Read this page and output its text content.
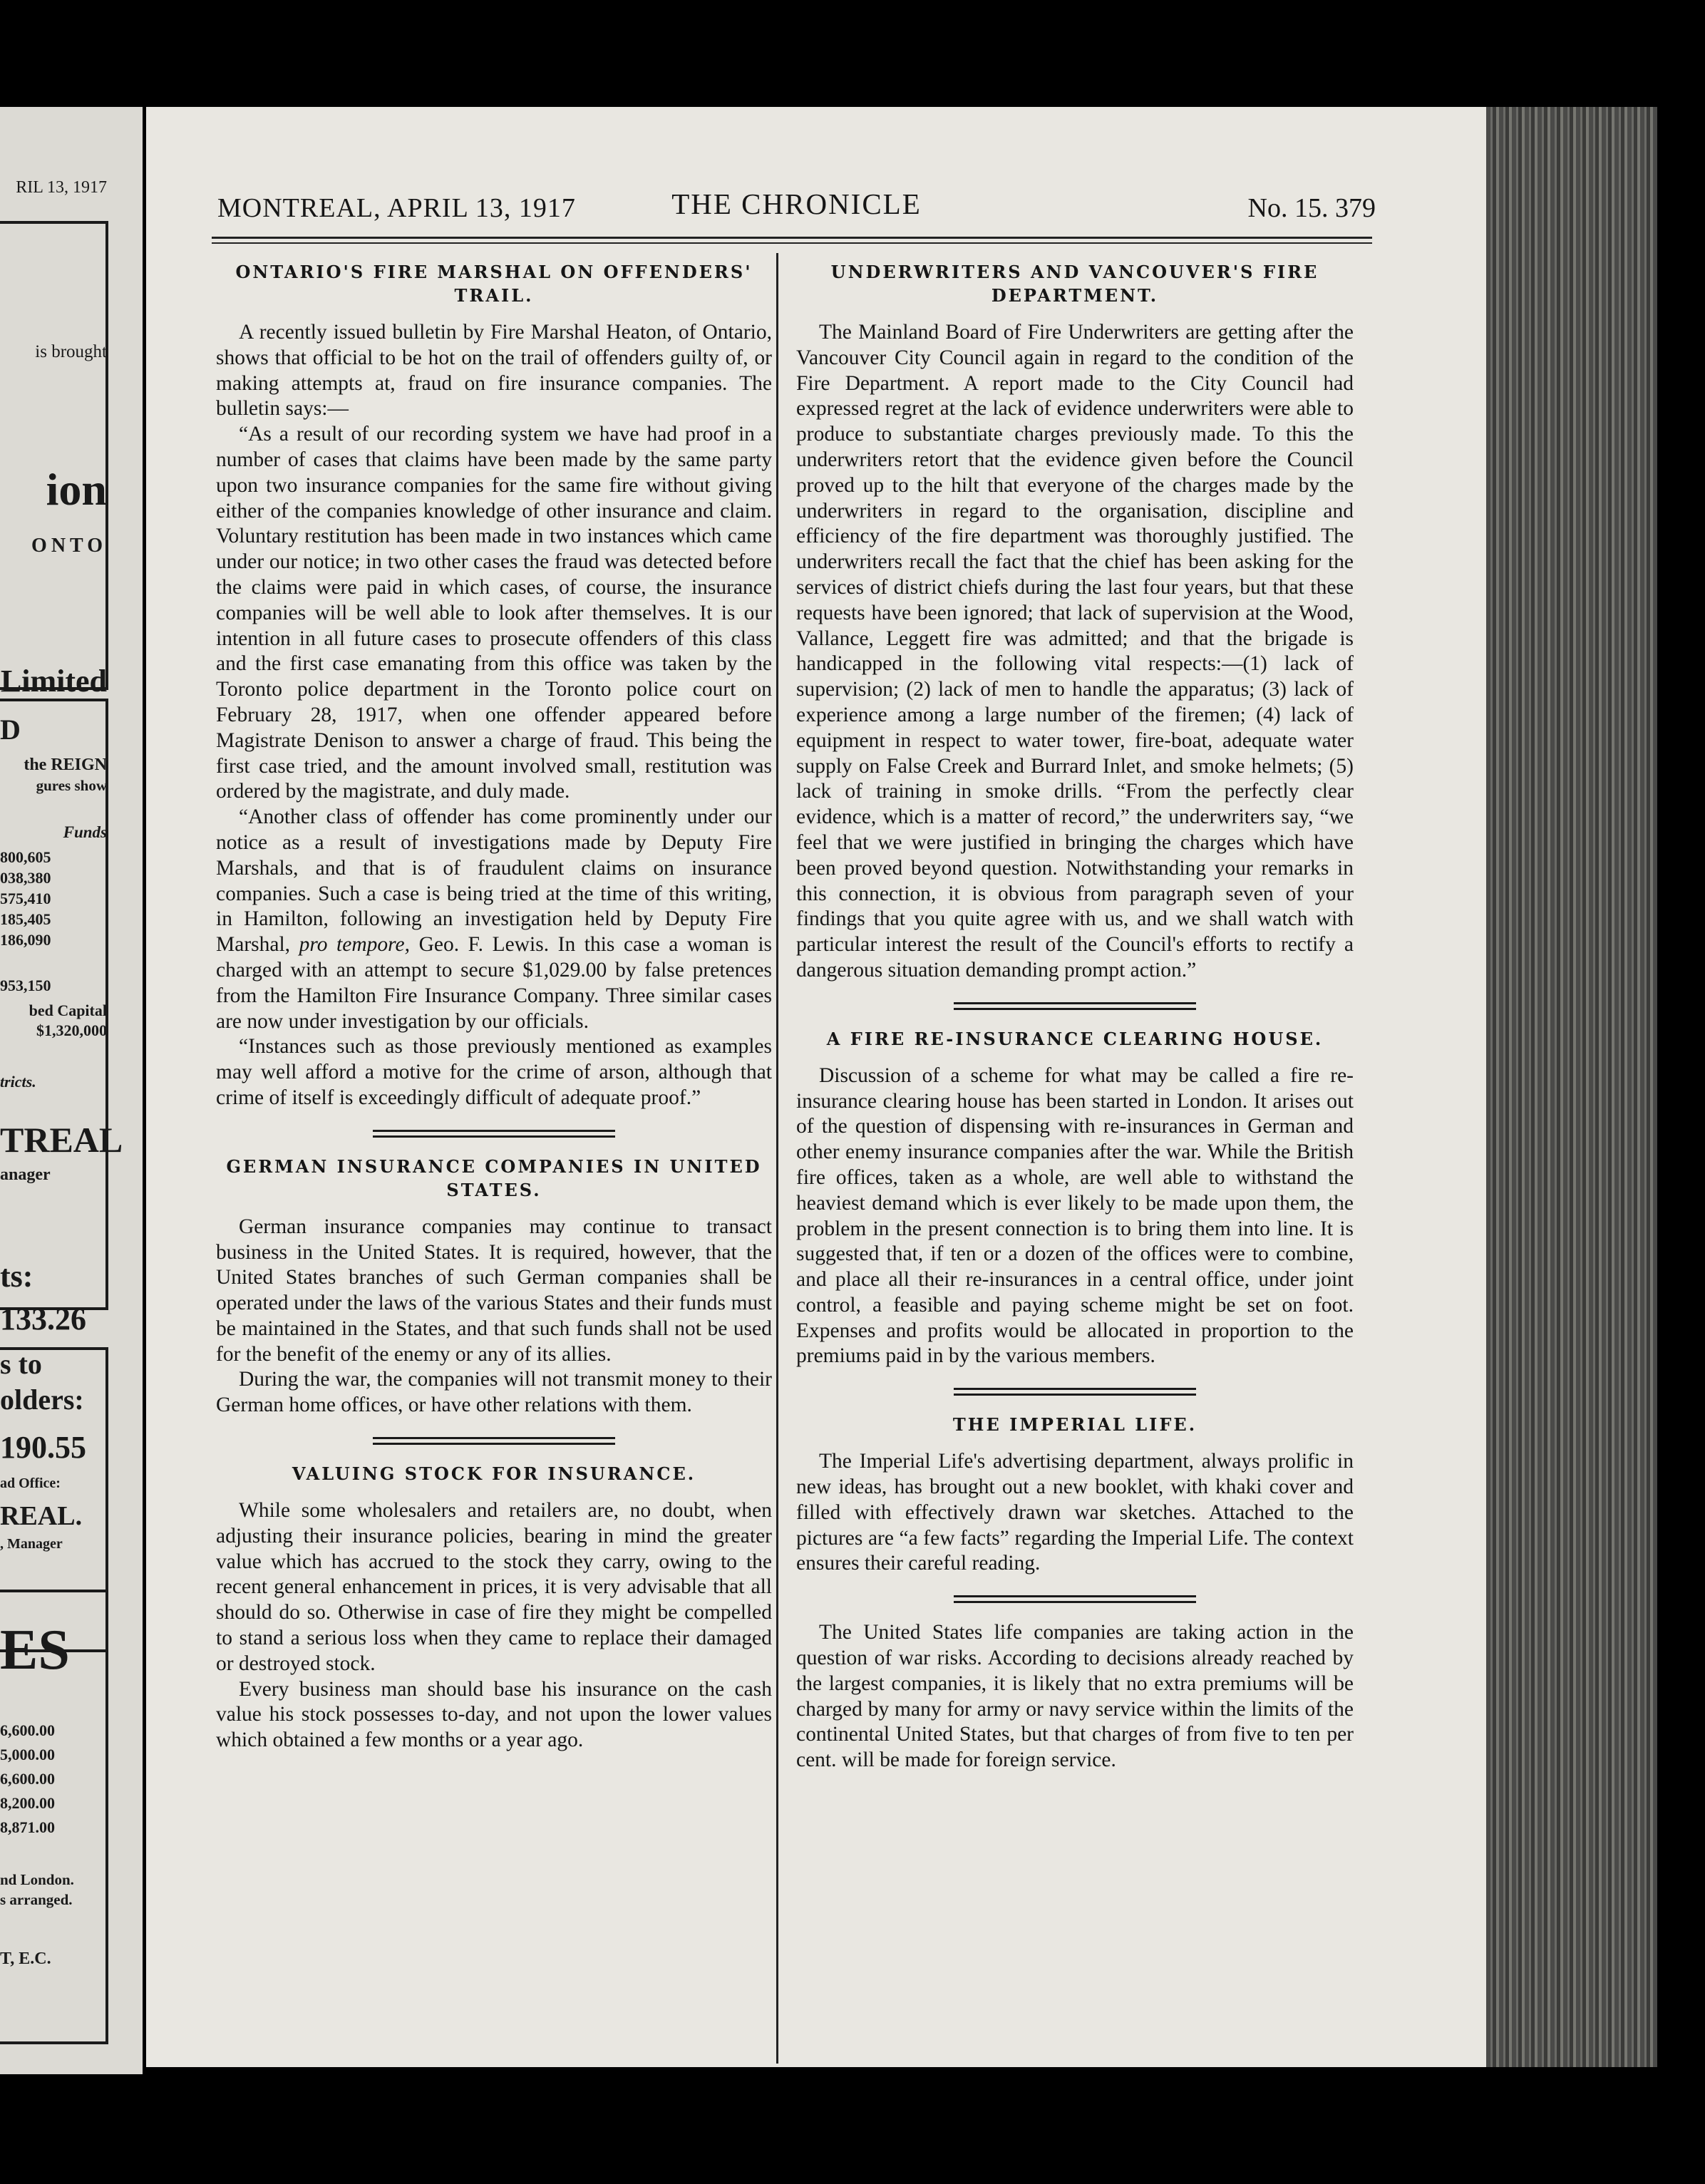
RIL 13, 1917
is brought
ion
ONTO
Limited
D
the REIGN
gures show
Funds
800,605
038,380
575,410
185,405
186,090
953,150
bed Capital
$1,320,000
tricts.
TREAL
anager
ts:
133.26
s to
olders:
190.55
ad Office:
REAL.
, Manager
ES
6,600.00
5,000.00
6,600.00
8,200.00
8,871.00
nd London.
s arranged.
T, E.C.
MONTREAL, APRIL 13, 1917	THE CHRONICLE	No. 15. 379
ONTARIO'S FIRE MARSHAL ON OFFENDERS' TRAIL.

A recently issued bulletin by Fire Marshal Heaton, of Ontario, shows that official to be hot on the trail of offenders guilty of, or making attempts at, fraud on fire insurance companies. The bulletin says:—

“As a result of our recording system we have had proof in a number of cases that claims have been made by the same party upon two insurance companies for the same fire without giving either of the companies knowledge of other insurance and claim. Voluntary restitution has been made in two instances which came under our notice; in two other cases the fraud was detected before the claims were paid in which cases, of course, the insurance companies will be well able to look after themselves. It is our intention in all future cases to prosecute offenders of this class and the first case emanating from this office was taken by the Toronto police department in the Toronto police court on February 28, 1917, when one offender appeared before Magistrate Denison to answer a charge of fraud. This being the first case tried, and the amount involved small, restitution was ordered by the magistrate, and duly made.

“Another class of offender has come prominently under our notice as a result of investigations made by Deputy Fire Marshals, and that is of fraudulent claims on insurance companies. Such a case is being tried at the time of this writing, in Hamilton, following an investigation held by Deputy Fire Marshal, pro tempore, Geo. F. Lewis. In this case a woman is charged with an attempt to secure $1,029.00 by false pretences from the Hamilton Fire Insurance Company. Three similar cases are now under investigation by our officials.

“Instances such as those previously mentioned as examples may well afford a motive for the crime of arson, although that crime of itself is exceedingly difficult of adequate proof.”

GERMAN INSURANCE COMPANIES IN UNITED STATES.

German insurance companies may continue to transact business in the United States. It is required, however, that the United States branches of such German companies shall be operated under the laws of the various States and their funds must be maintained in the States, and that such funds shall not be used for the benefit of the enemy or any of its allies.

During the war, the companies will not transmit money to their German home offices, or have other relations with them.

VALUING STOCK FOR INSURANCE.

While some wholesalers and retailers are, no doubt, when adjusting their insurance policies, bearing in mind the greater value which has accrued to the stock they carry, owing to the recent general enhancement in prices, it is very advisable that all should do so. Otherwise in case of fire they might be compelled to stand a serious loss when they came to replace their damaged or destroyed stock.

Every business man should base his insurance on the cash value his stock possesses to-day, and not upon the lower values which obtained a few months or a year ago.

UNDERWRITERS AND VANCOUVER'S FIRE DEPARTMENT.

The Mainland Board of Fire Underwriters are getting after the Vancouver City Council again in regard to the condition of the Fire Department. A report made to the City Council had expressed regret at the lack of evidence underwriters were able to produce to substantiate charges previously made. To this the underwriters retort that the evidence given before the Council proved up to the hilt that everyone of the charges made by the underwriters in regard to the organisation, discipline and efficiency of the fire department was thoroughly justified. The underwriters recall the fact that the chief has been asking for the services of district chiefs during the last four years, but that these requests have been ignored; that lack of supervision at the Wood, Vallance, Leggett fire was admitted; and that the brigade is handicapped in the following vital respects:—(1) lack of supervision; (2) lack of men to handle the apparatus; (3) lack of experience among a large number of the firemen; (4) lack of equipment in respect to water tower, fire-boat, adequate water supply on False Creek and Burrard Inlet, and smoke helmets; (5) lack of training in smoke drills. “From the perfectly clear evidence, which is a matter of record,” the underwriters say, “we feel that we were justified in bringing the charges which have been proved beyond question. Notwithstanding your remarks in this connection, it is obvious from paragraph seven of your findings that you quite agree with us, and we shall watch with particular interest the result of the Council's efforts to rectify a dangerous situation demanding prompt action.”

A FIRE RE-INSURANCE CLEARING HOUSE.

Discussion of a scheme for what may be called a fire re-insurance clearing house has been started in London. It arises out of the question of dispensing with re-insurances in German and other enemy insurance companies after the war. While the British fire offices, taken as a whole, are well able to withstand the heaviest demand which is ever likely to be made upon them, the problem in the present connection is to bring them into line. It is suggested that, if ten or a dozen of the offices were to combine, and place all their re-insurances in a central office, under joint control, a feasible and paying scheme might be set on foot. Expenses and profits would be allocated in proportion to the premiums paid in by the various members.

THE IMPERIAL LIFE.

The Imperial Life's advertising department, always prolific in new ideas, has brought out a new booklet, with khaki cover and filled with effectively drawn war sketches. Attached to the pictures are “a few facts” regarding the Imperial Life. The context ensures their careful reading.

The United States life companies are taking action in the question of war risks. According to decisions already reached by the largest companies, it is likely that no extra premiums will be charged by many for army or navy service within the limits of the continental United States, but that charges of from five to ten per cent. will be made for foreign service.
